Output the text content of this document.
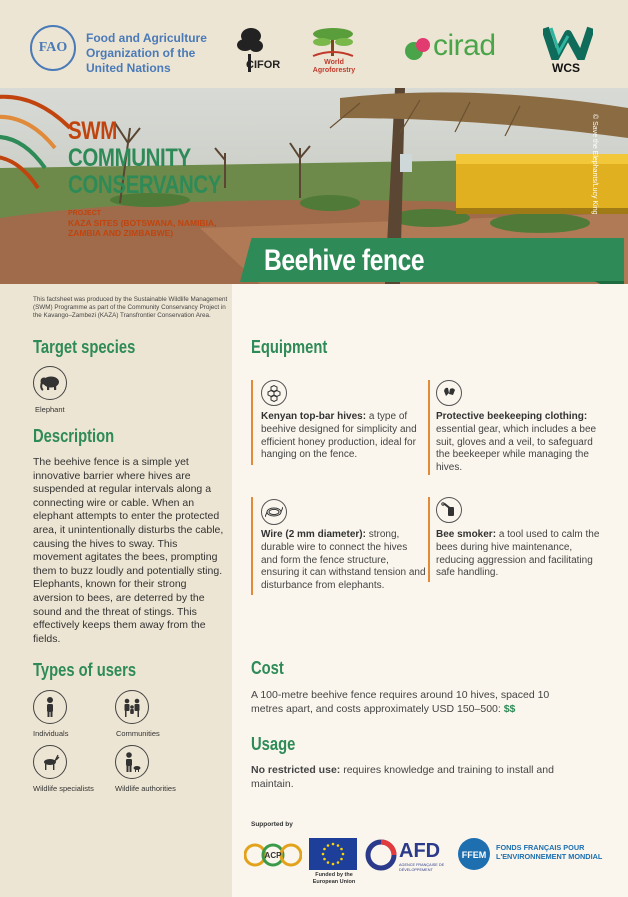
FAO
Food and Agriculture Organization of the United Nations	CIFOR	World Agroforestry
cirad
WCS
SWM
COMMUNITY
CONSERVANCY
PROJECT
KAZA SITES (BOTSWANA, NAMIBIA, ZAMBIA AND ZIMBABWE)
© Save the Elephants/Lucy King
Beehive fence
This factsheet was produced by the Sustainable Wildlife Management (SWM) Programme as part of the Community Conservancy Project in the Kavango–Zambezi (KAZA) Transfrontier Conservation Area.
Target species
Elephant
Description
The beehive fence is a simple yet innovative barrier where hives are suspended at regular intervals along a connecting wire or cable. When an elephant attempts to enter the protected area, it unintentionally disturbs the cable, causing the hives to sway. This movement agitates the bees, prompting them to buzz loudly and potentially sting. Elephants, known for their strong aversion to bees, are deterred by the sound and the threat of stings. This effectively keeps them away from the fields.
Types of users
Individuals	Communities
Wildlife specialists	Wildlife authorities
Equipment
Kenyan top-bar hives: a type of beehive designed for simplicity and efficient honey production, ideal for hanging on the fence.
Protective beekeeping clothing: essential gear, which includes a bee suit, gloves and a veil, to safeguard the beekeeper while managing the hives.
Wire (2 mm diameter): strong, durable wire to connect the hives and form the fence structure, ensuring it can withstand tension and disturbance from elephants.
Bee smoker: a tool used to calm the bees during hive maintenance, reducing aggression and facilitating safe handling.
Cost
A 100-metre beehive fence requires around 10 hives, spaced 10 metres apart, and costs approximately USD 150–500: $$
Usage
No restricted use: requires knowledge and training to install and maintain.
Supported by
ACP
Funded by the European Union
AFD
AGENCE FRANÇAISE DE DÉVELOPPEMENT
FFEM
FONDS FRANÇAIS POUR L'ENVIRONNEMENT MONDIAL
